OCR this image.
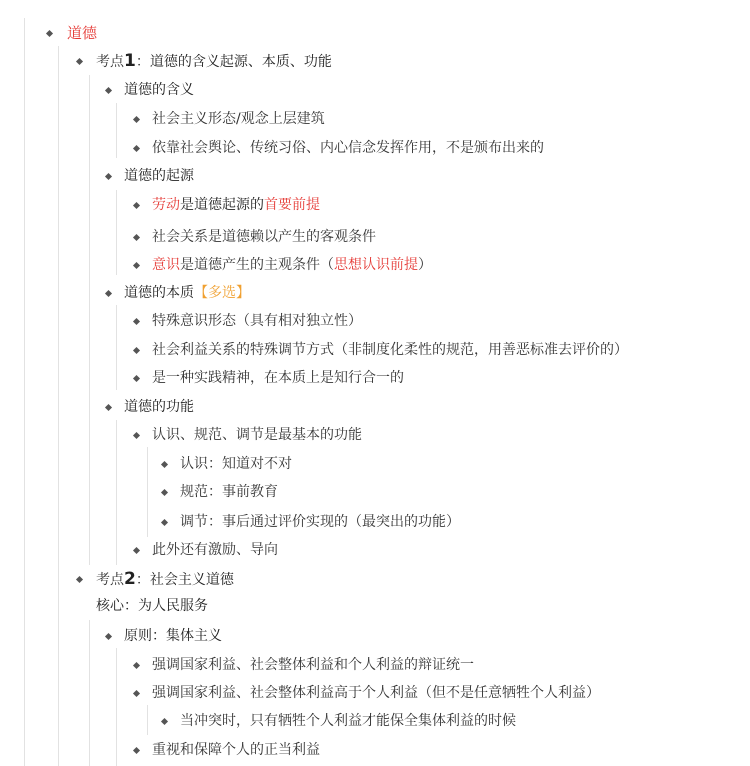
道德
考点1：道德的含义起源、本质、功能
道德的含义
社会主义形态/观念上层建筑
依靠社会舆论、传统习俗、内心信念发挥作用，不是颁布出来的
道德的起源
劳动是道德起源的首要前提
社会关系是道德赖以产生的客观条件
意识是道德产生的主观条件（思想认识前提）
道德的本质【多选】
特殊意识形态（具有相对独立性）
社会利益关系的特殊调节方式（非制度化柔性的规范，用善恶标准去评价的）
是一种实践精神，在本质上是知行合一的
道德的功能
认识、规范、调节是最基本的功能
认识：知道对不对
规范：事前教育
调节：事后通过评价实现的（最突出的功能）
此外还有激励、导向
考点2：社会主义道德
核心：为人民服务
原则：集体主义
强调国家利益、社会整体利益和个人利益的辩证统一
强调国家利益、社会整体利益高于个人利益（但不是任意牺牲个人利益）
当冲突时，只有牺牲个人利益才能保全集体利益的时候
重视和保障个人的正当利益
